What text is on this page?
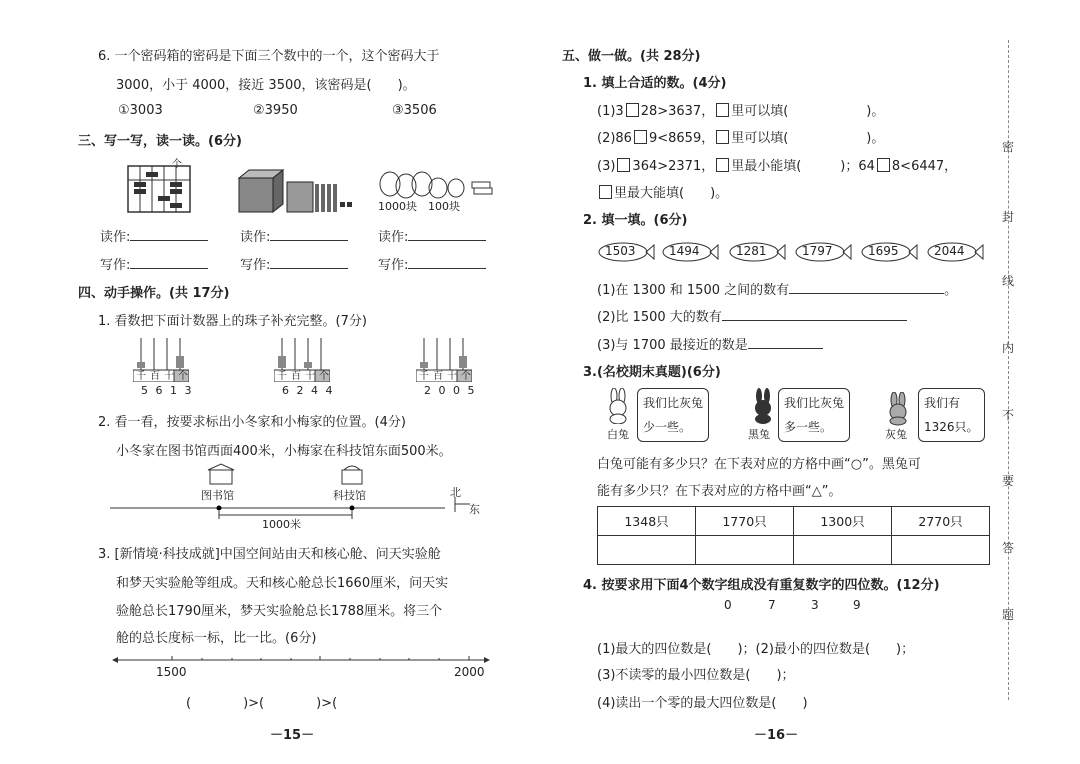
6. 一个密码箱的密码是下面三个数中的一个，这个密码大于
3000，小于 4000，接近 3500，该密码是(　　)。
①3003	②3950	③3506
三、写一写，读一读。(6分)
个
1000块 100块
读作:	读作:	读作:
写作:	写作:	写作:
四、动手操作。(共 17分)
1. 看数把下面计数器上的珠子补充完整。(7分)
千百十个
5 6 1 3
千百十个
6 2 4 4
千百十个
2 0 0 5
2. 看一看，按要求标出小冬家和小梅家的位置。(4分)
小冬家在图书馆西面400米，小梅家在科技馆东面500米。
图书馆	科技馆	北
东
1000米
3. [新情境·科技成就]中国空间站由天和核心舱、问天实验舱
和梦天实验舱等组成。天和核心舱总长1660厘米，问天实
验舱总长1790厘米，梦天实验舱总长1788厘米。将三个
舱的总长度标一标，比一比。(6分)
1500	2000
(　　　　)>(　　　　)>(
－15－
五、做一做。(共 28分)
1. 填上合适的数。(4分)
(1)3 28>3637， 里可以填(　　　　　　)。
(2)86 9<8659， 里可以填(　　　　　　)。
(3) 364>2371， 里最小能填(　　　)；64 8<6447，
里最大能填(　　)。
2. 填一填。(6分)
1503	1494	1281	1797	1695	2044
(1)在 1300 和 1500 之间的数有	。
(2)比 1500 大的数有
(3)与 1700 最接近的数是
3.(名校期末真题)(6分)
白兔
我们比灰兔
少一些。
黑兔
我们比灰兔
多一些。
灰兔
我们有
1326只。
白兔可能有多少只？在下表对应的方格中画“○”。黑兔可
能有多少只？在下表对应的方格中画“△”。
1348只	1770只	1300只	2770只

4. 按要求用下面4个数字组成没有重复数字的四位数。(12分)
0	7	3	9
(1)最大的四位数是(　　)；(2)最小的四位数是(　　)；
(3)不读零的最小四位数是(　　)；
(4)读出一个零的最大四位数是(　　)
－16－
密
封
线
内
不
要
答
题
